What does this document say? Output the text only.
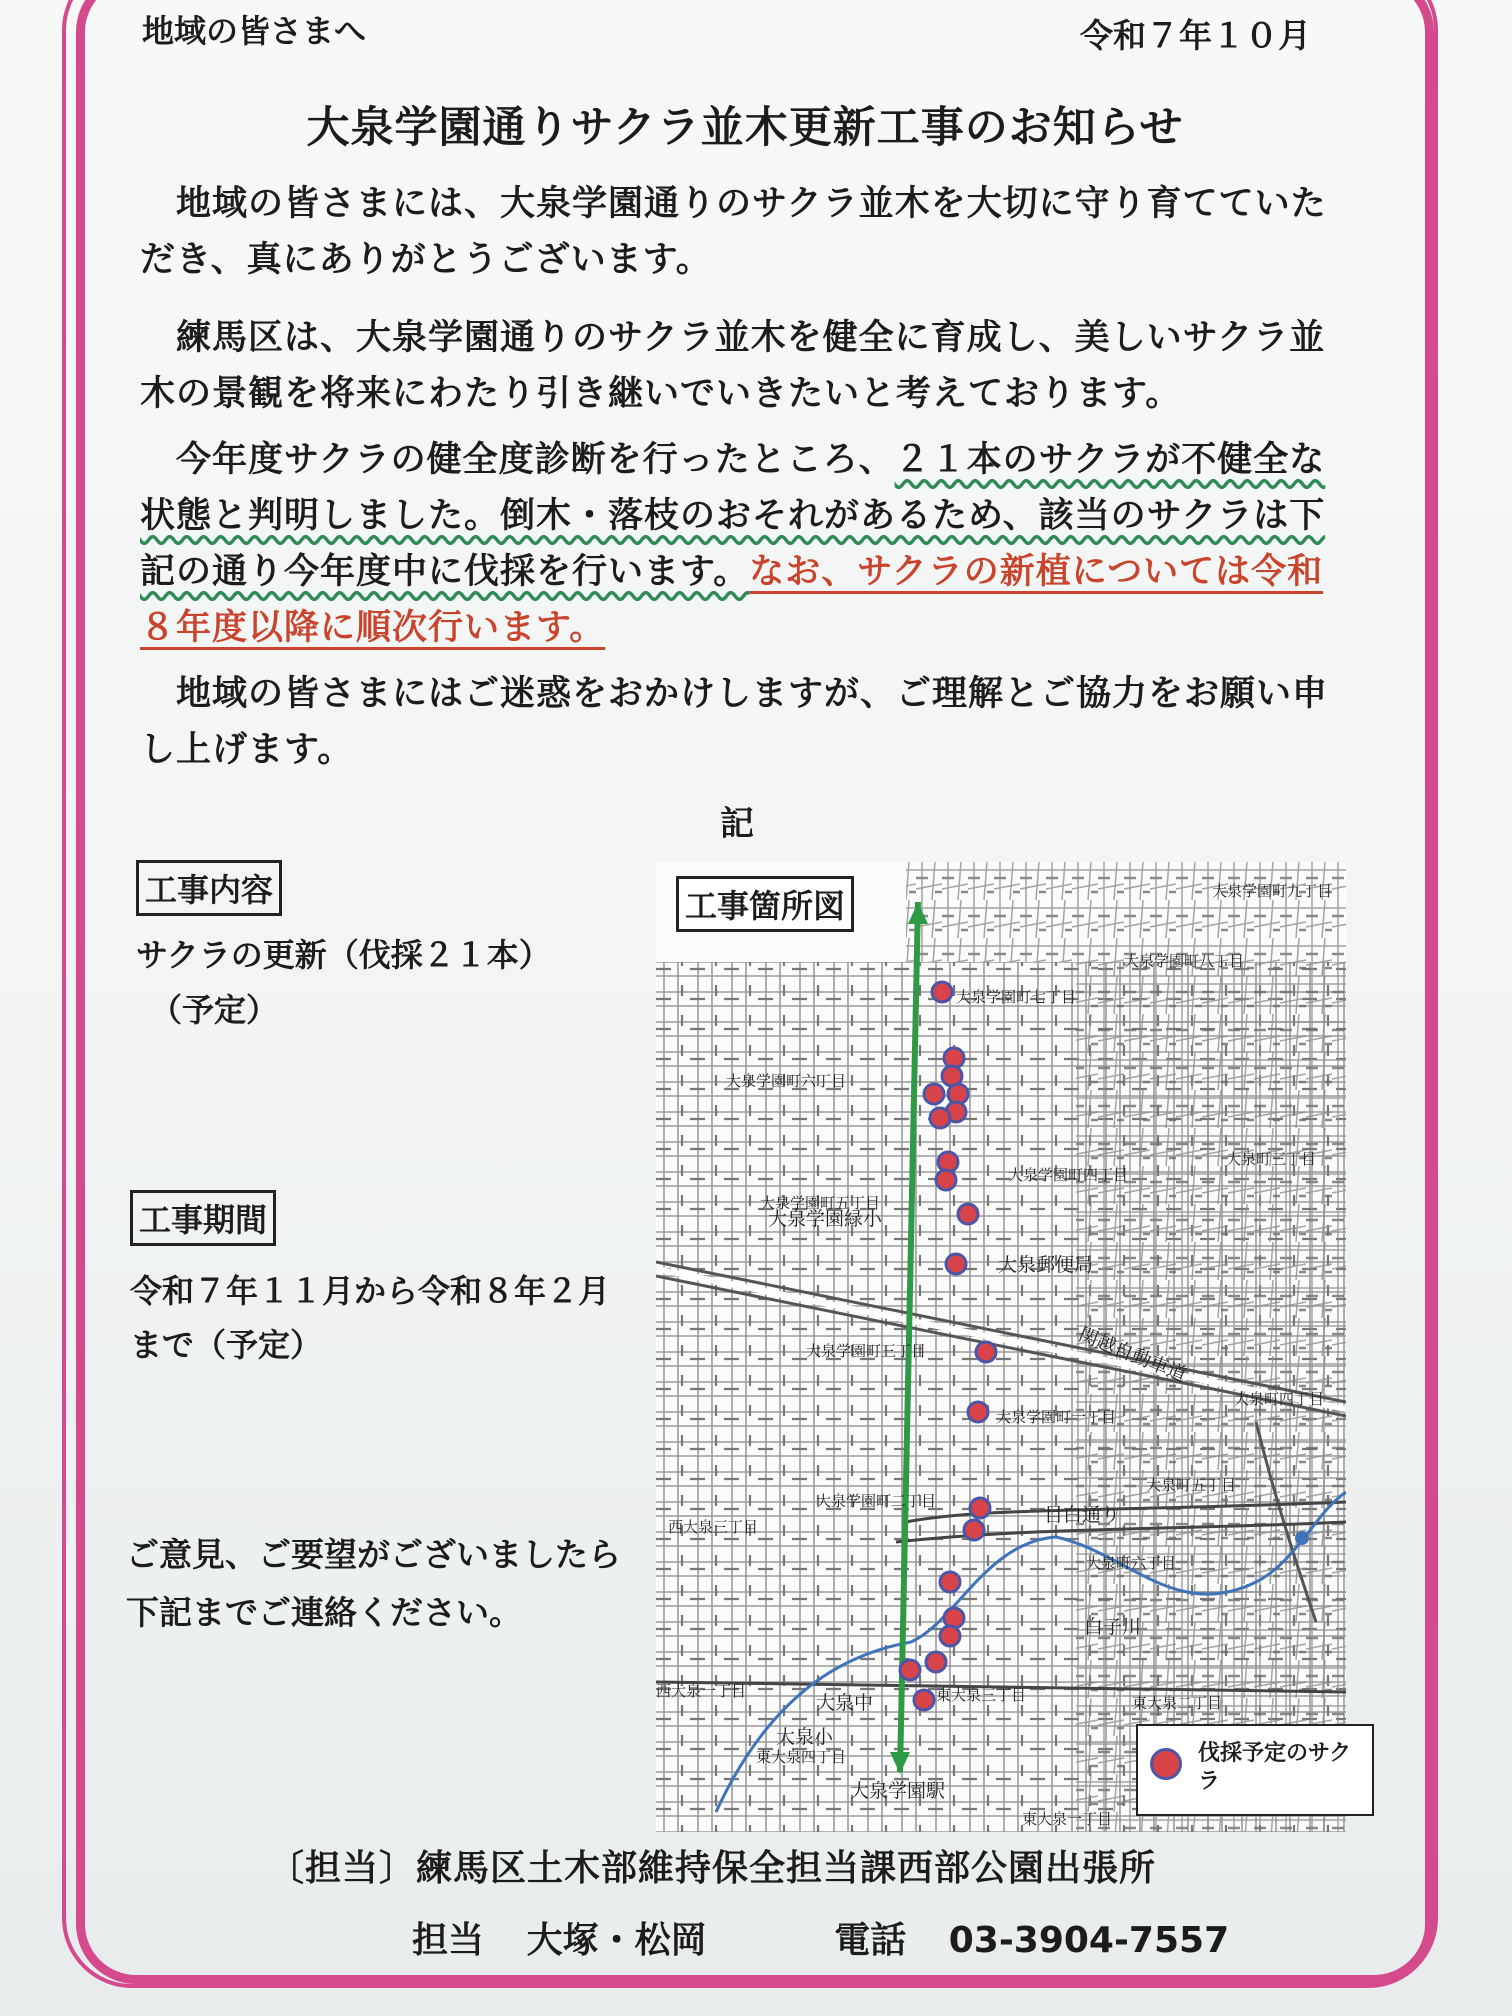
地域の皆さまへ	令和７年１０月
大泉学園通りサクラ並木更新工事のお知らせ
　地域の皆さまには、大泉学園通りのサクラ並木を大切に守り育てていただき、真にありがとうございます。
　練馬区は、大泉学園通りのサクラ並木を健全に育成し、美しいサクラ並木の景観を将来にわたり引き継いでいきたいと考えております。
　今年度サクラの健全度診断を行ったところ、２１本のサクラが不健全な状態と判明しました。倒木・落枝のおそれがあるため、該当のサクラは下記の通り今年度中に伐採を行います。なお、サクラの新植については令和８年度以降に順次行います。
　地域の皆さまにはご迷惑をおかけしますが、ご理解とご協力をお願い申し上げます。
記
工事内容
サクラの更新（伐採２１本）
（予定）
工事期間
令和７年１１月から令和８年２月まで（予定）
ご意見、ご要望がございましたら下記までご連絡ください。
工事箇所図	大泉学園町九丁目
大泉学園町八丁目
大泉学園町七丁目
大泉学園町六丁目
大泉学園町五丁目
大泉学園町四丁目
大泉学園町三丁目
大泉学園町二丁目
大泉学園町一丁目
大泉町三丁目
大泉町四丁目
大泉町五丁目
大泉町六丁目
大泉学園緑小
大泉郵便局
関越自動車道
目白通り
白子川
西大泉三丁目
西大泉一丁目
大泉中
大泉小
東大泉三丁目
東大泉四丁目
東大泉二丁目
東大泉一丁目
大泉学園駅
伐採予定のサクラ
〔担当〕練馬区土木部維持保全担当課西部公園出張所
担当 大塚・松岡	電話 03-3904-7557
